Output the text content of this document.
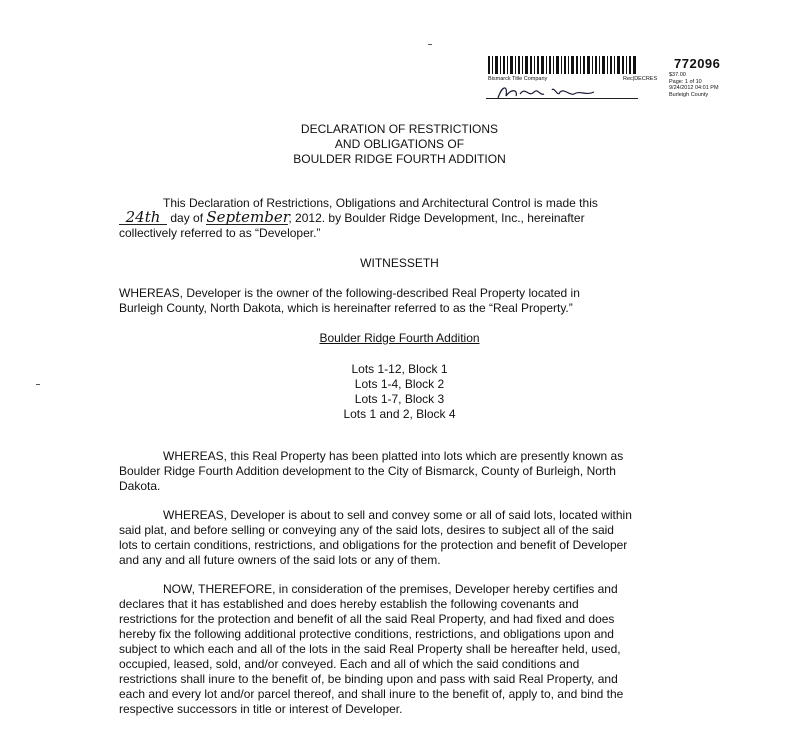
772096
Bismarck Title Company	Rec|DECRES
$37.00
Page: 1 of 10
9/24/2012 04:01 PM
Burleigh County
DECLARATION OF RESTRICTIONS
AND OBLIGATIONS OF
BOULDER RIDGE FOURTH ADDITION
This Declaration of Restrictions, Obligations and Architectural Control is made this
24th day of September, 2012. by Boulder Ridge Development, Inc., hereinafter
collectively referred to as “Developer.”
WITNESSETH
WHEREAS, Developer is the owner of the following-described Real Property located in
Burleigh County, North Dakota, which is hereinafter referred to as the “Real Property.”
Boulder Ridge Fourth Addition
Lots 1-12, Block 1
Lots 1-4, Block 2
Lots 1-7, Block 3
Lots 1 and 2, Block 4
WHEREAS, this Real Property has been platted into lots which are presently known as
Boulder Ridge Fourth Addition development to the City of Bismarck, County of Burleigh, North
Dakota.
WHEREAS, Developer is about to sell and convey some or all of said lots, located within
said plat, and before selling or conveying any of the said lots, desires to subject all of the said
lots to certain conditions, restrictions, and obligations for the protection and benefit of Developer
and any and all future owners of the said lots or any of them.
NOW, THEREFORE, in consideration of the premises, Developer hereby certifies and
declares that it has established and does hereby establish the following covenants and
restrictions for the protection and benefit of all the said Real Property, and had fixed and does
hereby fix the following additional protective conditions, restrictions, and obligations upon and
subject to which each and all of the lots in the said Real Property shall be hereafter held, used,
occupied, leased, sold, and/or conveyed. Each and all of which the said conditions and
restrictions shall inure to the benefit of, be binding upon and pass with said Real Property, and
each and every lot and/or parcel thereof, and shall inure to the benefit of, apply to, and bind the
respective successors in title or interest of Developer.
